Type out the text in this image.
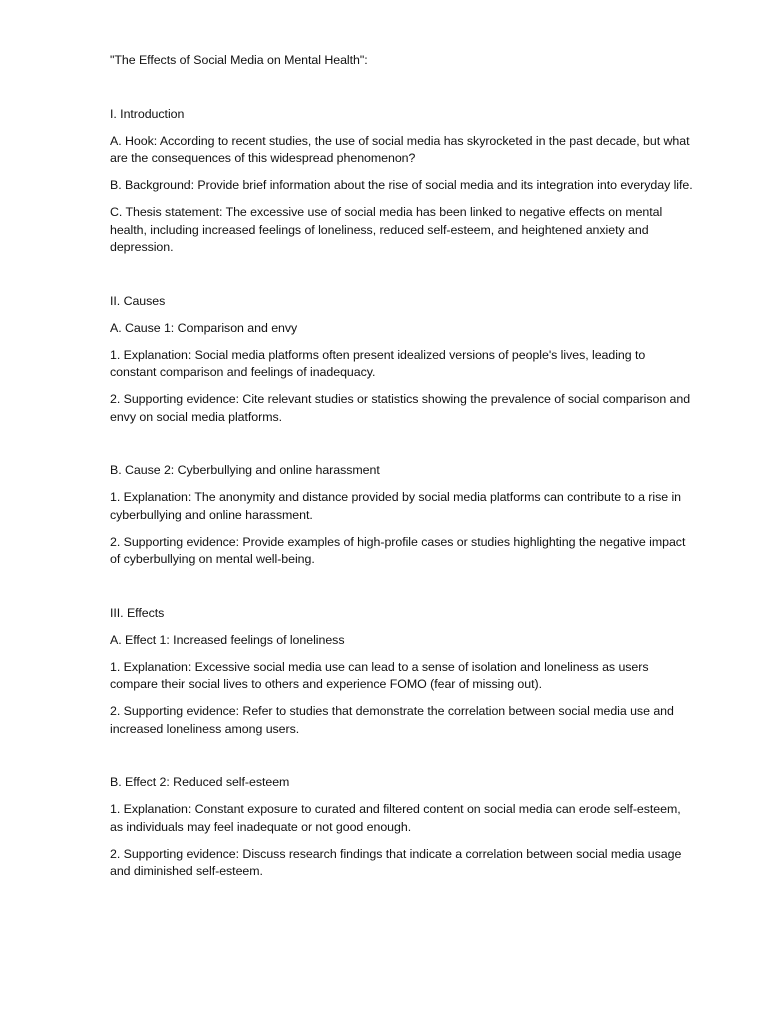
"The Effects of Social Media on Mental Health":

I. Introduction

A. Hook: According to recent studies, the use of social media has skyrocketed in the past decade, but what are the consequences of this widespread phenomenon?

B. Background: Provide brief information about the rise of social media and its integration into everyday life.

C. Thesis statement: The excessive use of social media has been linked to negative effects on mental health, including increased feelings of loneliness, reduced self-esteem, and heightened anxiety and depression.

II. Causes

A. Cause 1: Comparison and envy

1. Explanation: Social media platforms often present idealized versions of people's lives, leading to constant comparison and feelings of inadequacy.

2. Supporting evidence: Cite relevant studies or statistics showing the prevalence of social comparison and envy on social media platforms.

B. Cause 2: Cyberbullying and online harassment

1. Explanation: The anonymity and distance provided by social media platforms can contribute to a rise in cyberbullying and online harassment.

2. Supporting evidence: Provide examples of high-profile cases or studies highlighting the negative impact of cyberbullying on mental well-being.

III. Effects

A. Effect 1: Increased feelings of loneliness

1. Explanation: Excessive social media use can lead to a sense of isolation and loneliness as users compare their social lives to others and experience FOMO (fear of missing out).

2. Supporting evidence: Refer to studies that demonstrate the correlation between social media use and increased loneliness among users.

B. Effect 2: Reduced self-esteem

1. Explanation: Constant exposure to curated and filtered content on social media can erode self-esteem, as individuals may feel inadequate or not good enough.

2. Supporting evidence: Discuss research findings that indicate a correlation between social media usage and diminished self-esteem.
